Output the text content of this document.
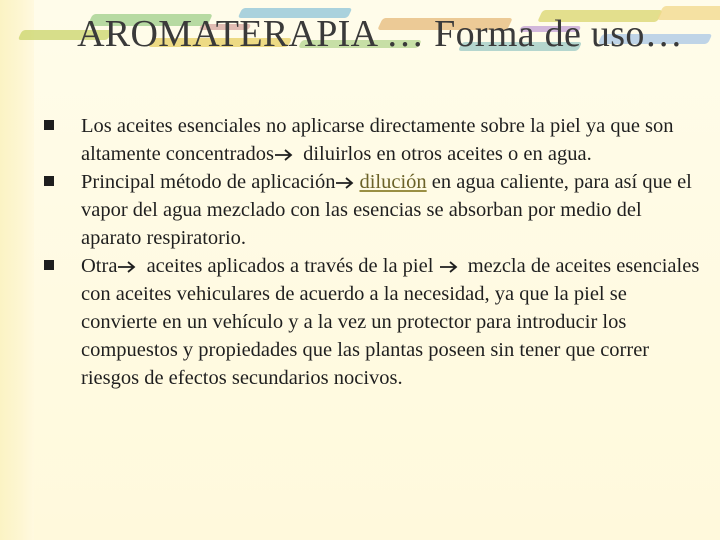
AROMATERAPIA … Forma de uso…
Los aceites esenciales no aplicarse directamente sobre la piel ya que son altamente concentrados diluirlos en otros aceites o en agua.
Principal método de aplicación dilución en agua caliente, para así que el vapor del agua mezclado con las esencias se absorban por medio del aparato respiratorio.
Otra aceites aplicados a través de la piel  mezcla de aceites esenciales con aceites vehiculares de acuerdo a la necesidad, ya que la piel se convierte en un vehículo y a la vez un protector para introducir los compuestos y propiedades que las plantas poseen sin tener que correr riesgos de efectos secundarios nocivos.
